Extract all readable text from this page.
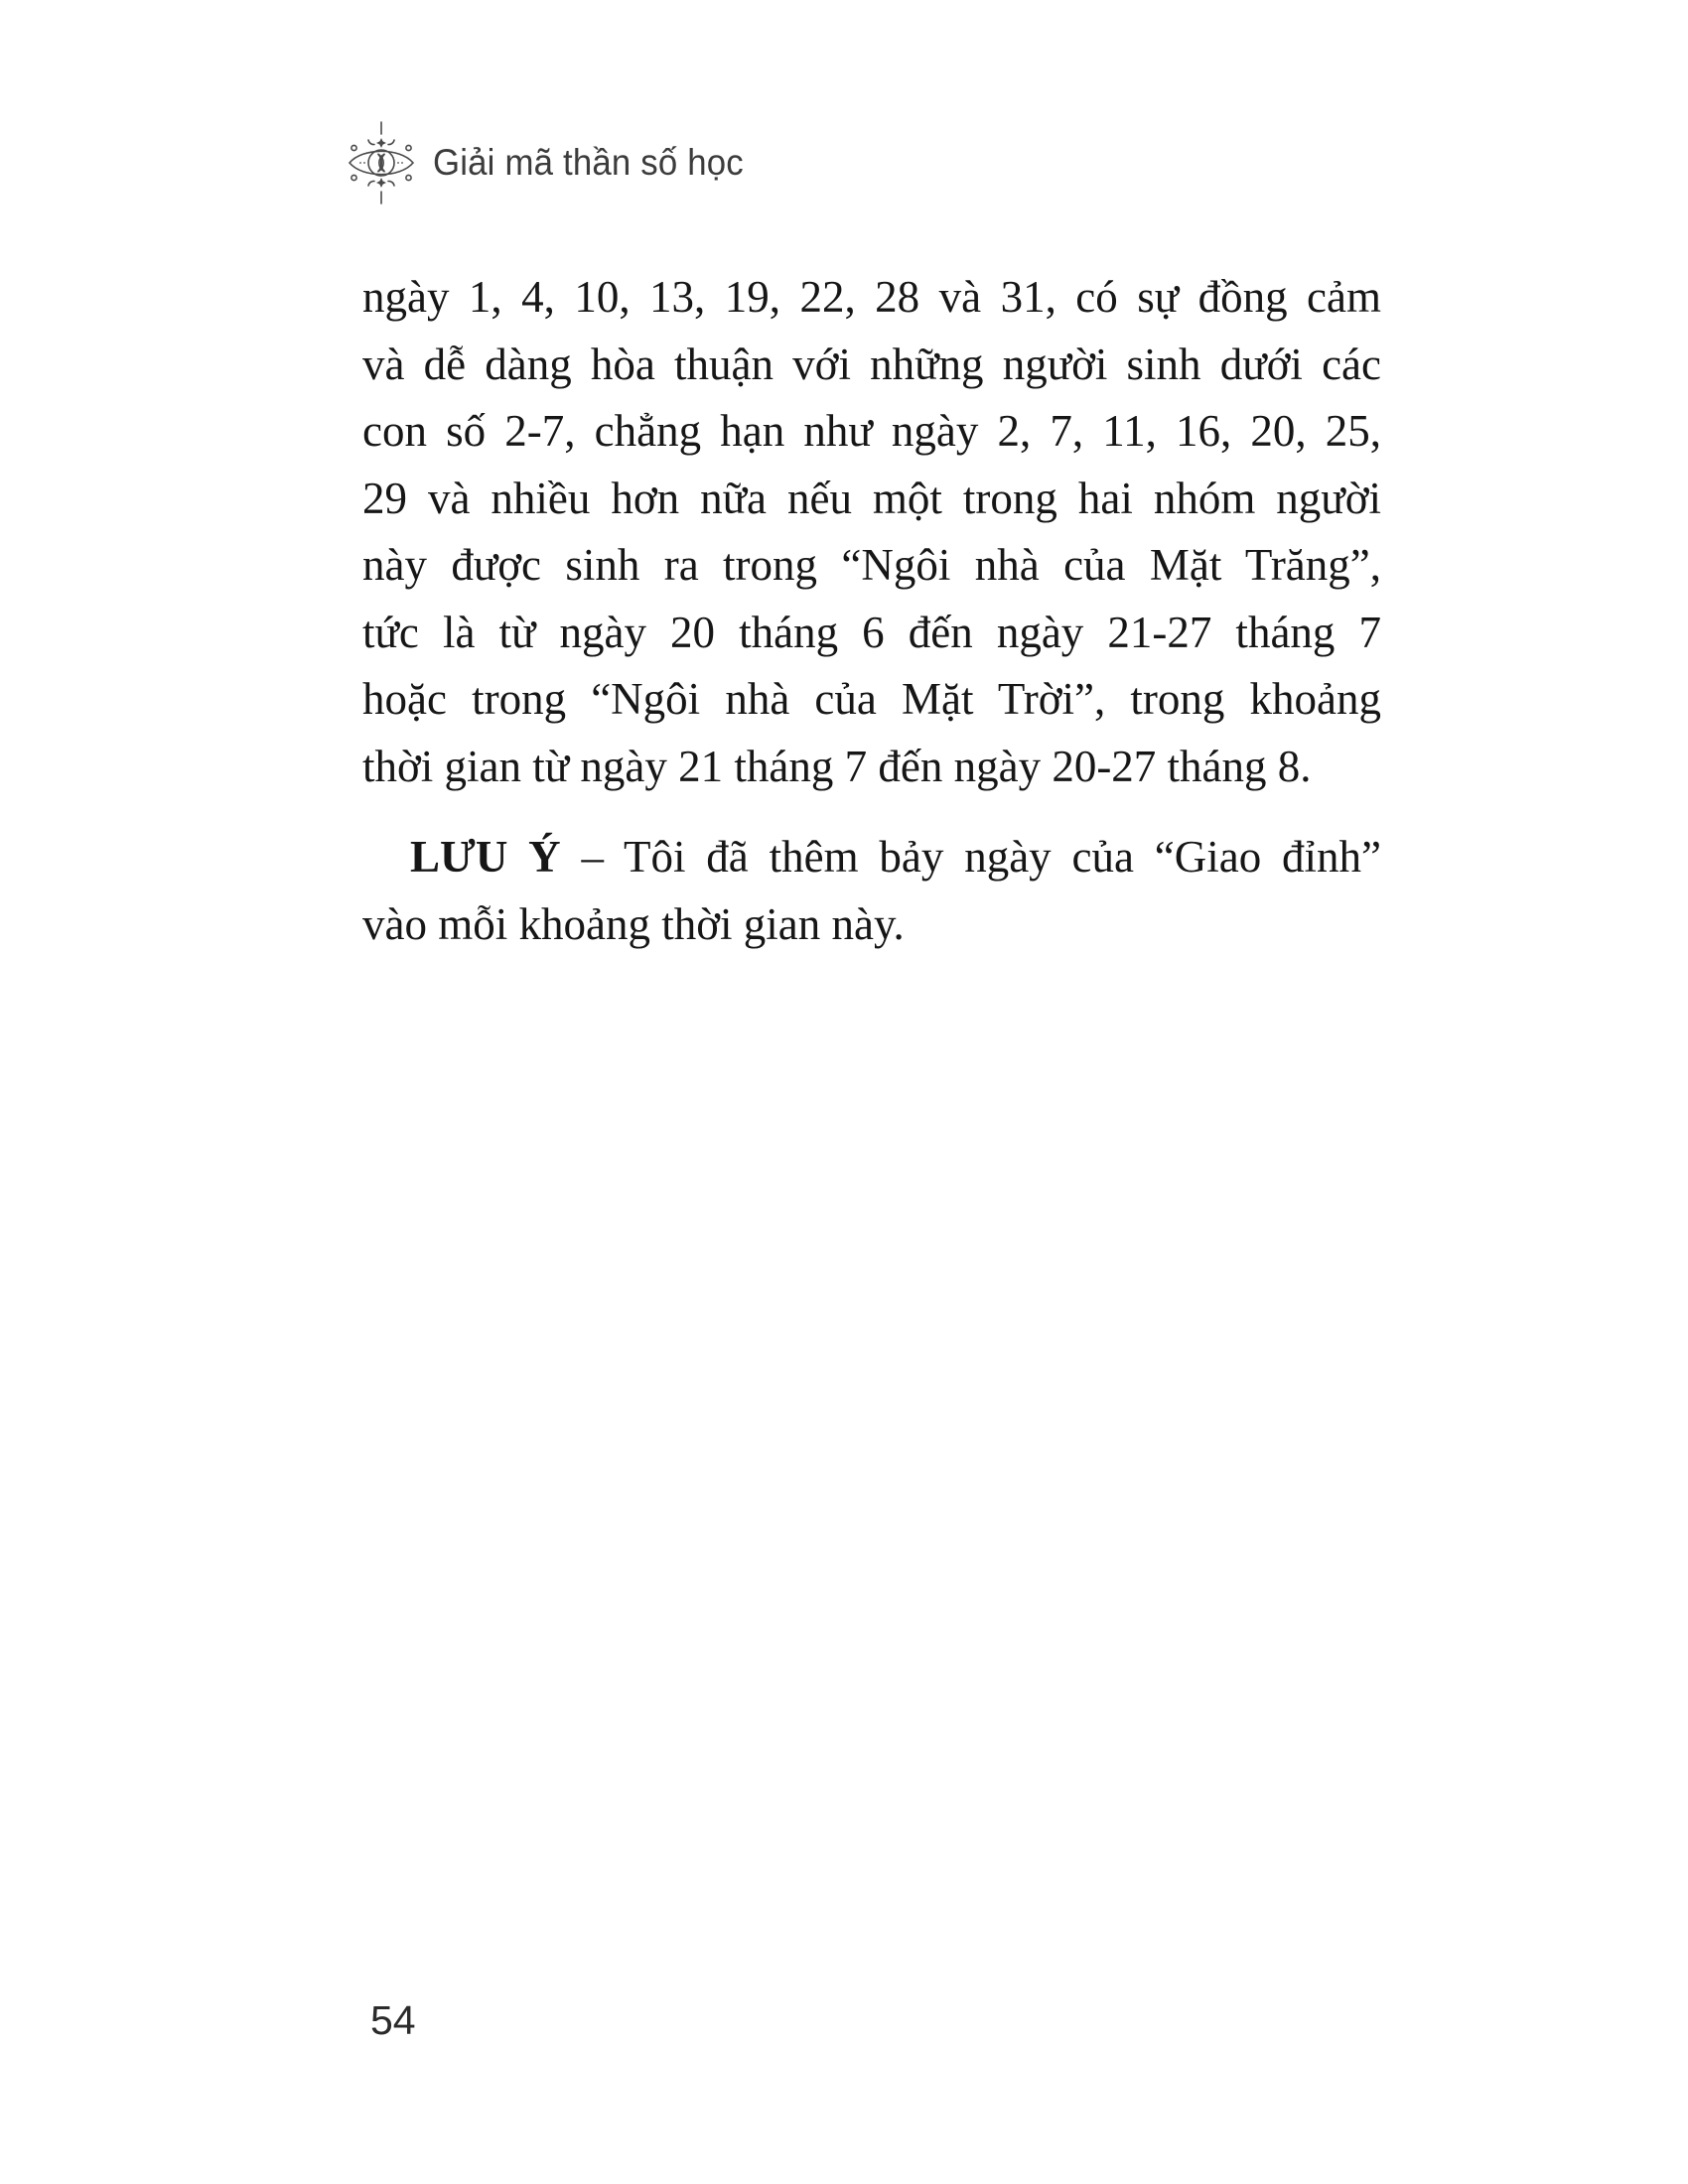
Giải mã thần số học
ngày 1, 4, 10, 13, 19, 22, 28 và 31, có sự đồng cảm
và dễ dàng hòa thuận với những người sinh dưới các
con số 2-7, chẳng hạn như ngày 2, 7, 11, 16, 20, 25,
29 và nhiều hơn nữa nếu một trong hai nhóm người
này được sinh ra trong “Ngôi nhà của Mặt Trăng”,
tức là từ ngày 20 tháng 6 đến ngày 21-27 tháng 7
hoặc trong “Ngôi nhà của Mặt Trời”, trong khoảng
thời gian từ ngày 21 tháng 7 đến ngày 20-27 tháng 8.
LƯU Ý – Tôi đã thêm bảy ngày của “Giao đỉnh”
vào mỗi khoảng thời gian này.
54
